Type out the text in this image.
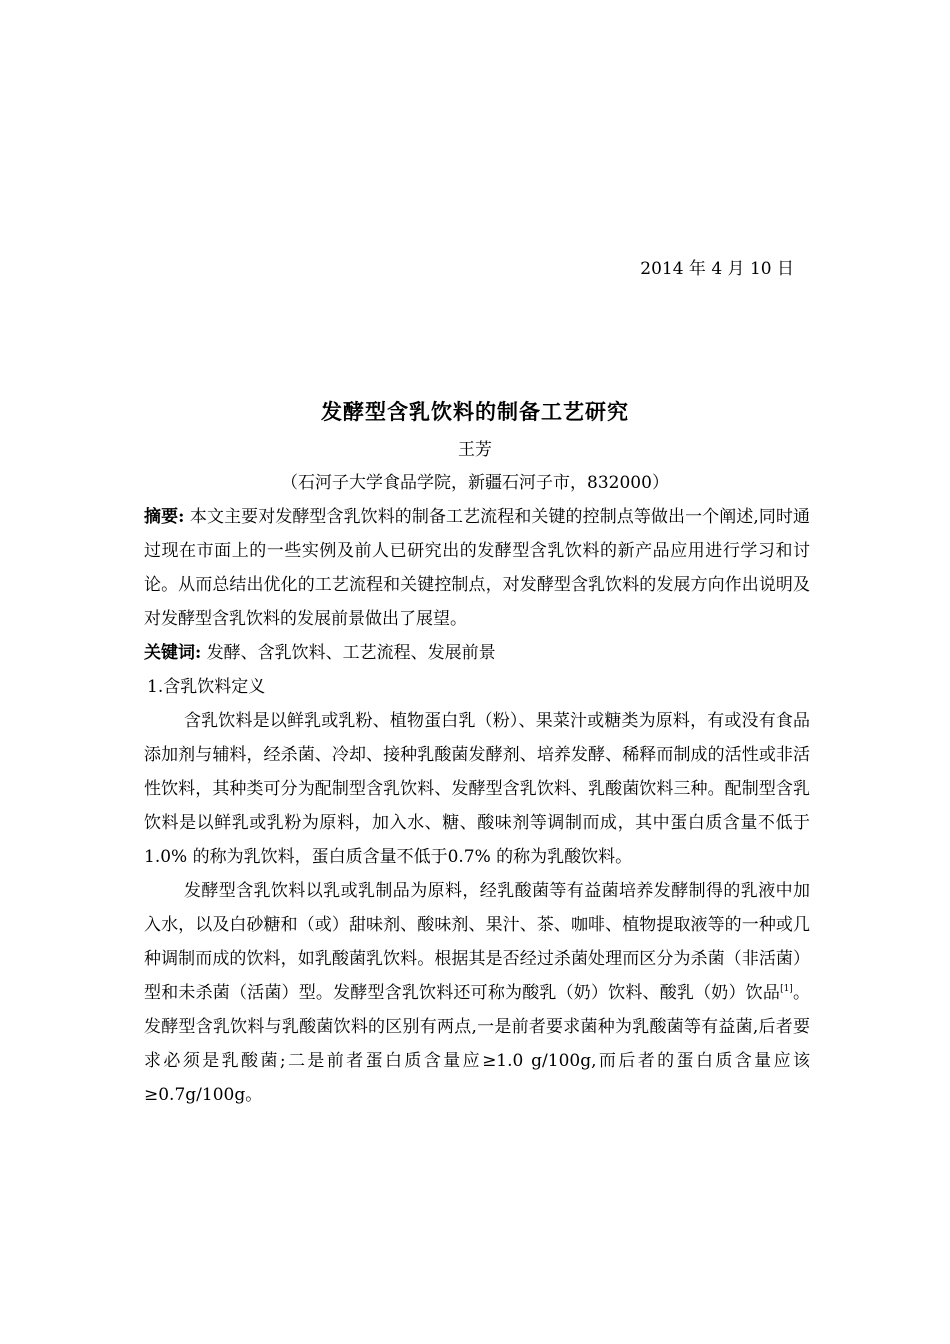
2014 年 4 月 10 日
发酵型含乳饮料的制备工艺研究
王芳
（石河子大学食品学院，新疆石河子市，832000）

摘要: 本文主要对发酵型含乳饮料的制备工艺流程和关键的控制点等做出一个阐述,同时通过现在市面上的一些实例及前人已研究出的发酵型含乳饮料的新产品应用进行学习和讨论。从而总结出优化的工艺流程和关键控制点，对发酵型含乳饮料的发展方向作出说明及对发酵型含乳饮料的发展前景做出了展望。

关键词: 发酵、含乳饮料、工艺流程、发展前景

1.含乳饮料定义

含乳饮料是以鲜乳或乳粉、植物蛋白乳（粉）、果菜汁或糖类为原料，有或没有食品添加剂与辅料，经杀菌、冷却、接种乳酸菌发酵剂、培养发酵、稀释而制成的活性或非活性饮料，其种类可分为配制型含乳饮料、发酵型含乳饮料、乳酸菌饮料三种。配制型含乳饮料是以鲜乳或乳粉为原料，加入水、糖、酸味剂等调制而成，其中蛋白质含量不低于1.0% 的称为乳饮料，蛋白质含量不低于0.7% 的称为乳酸饮料。

发酵型含乳饮料以乳或乳制品为原料，经乳酸菌等有益菌培养发酵制得的乳液中加入水，以及白砂糖和（或）甜味剂、酸味剂、果汁、茶、咖啡、植物提取液等的一种或几种调制而成的饮料，如乳酸菌乳饮料。根据其是否经过杀菌处理而区分为杀菌（非活菌）型和未杀菌（活菌）型。发酵型含乳饮料还可称为酸乳（奶）饮料、酸乳（奶）饮品[1]。发酵型含乳饮料与乳酸菌饮料的区别有两点,一是前者要求菌种为乳酸菌等有益菌,后者要求必须是乳酸菌;二是前者蛋白质含量应≥1.0 g/100g,而后者的蛋白质含量应该≥0.7g/100g。
